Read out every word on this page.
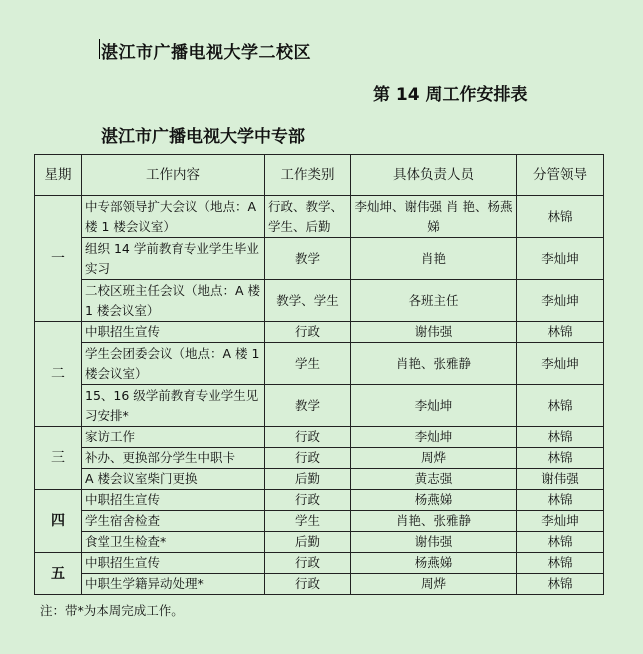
湛江市广播电视大学二校区
第 14 周工作安排表
湛江市广播电视大学中专部
星期	工作内容	工作类别	具体负责人员	分管领导
一	中专部领导扩大会议（地点：A 楼 1 楼会议室）	行政、教学、学生、后勤	李灿坤、谢伟强 肖 艳、杨燕娣	林锦
	组织 14 学前教育专业学生毕业实习	教学	肖艳	李灿坤
	二校区班主任会议（地点：A 楼 1 楼会议室）	教学、学生	各班主任	李灿坤
二	中职招生宣传	行政	谢伟强	林锦
	学生会团委会议（地点：A 楼 1 楼会议室）	学生	肖艳、张雅静	李灿坤
	15、16 级学前教育专业学生见习安排*	教学	李灿坤	林锦
三	家访工作	行政	李灿坤	林锦
	补办、更换部分学生中职卡	行政	周烨	林锦
	A 楼会议室柴门更换	后勤	黄志强	谢伟强
四	中职招生宣传	行政	杨燕娣	林锦
	学生宿舍检查	学生	肖艳、张雅静	李灿坤
	食堂卫生检查*	后勤	谢伟强	林锦
五	中职招生宣传	行政	杨燕娣	林锦
	中职生学籍异动处理*	行政	周烨	林锦
注：带*为本周完成工作。
